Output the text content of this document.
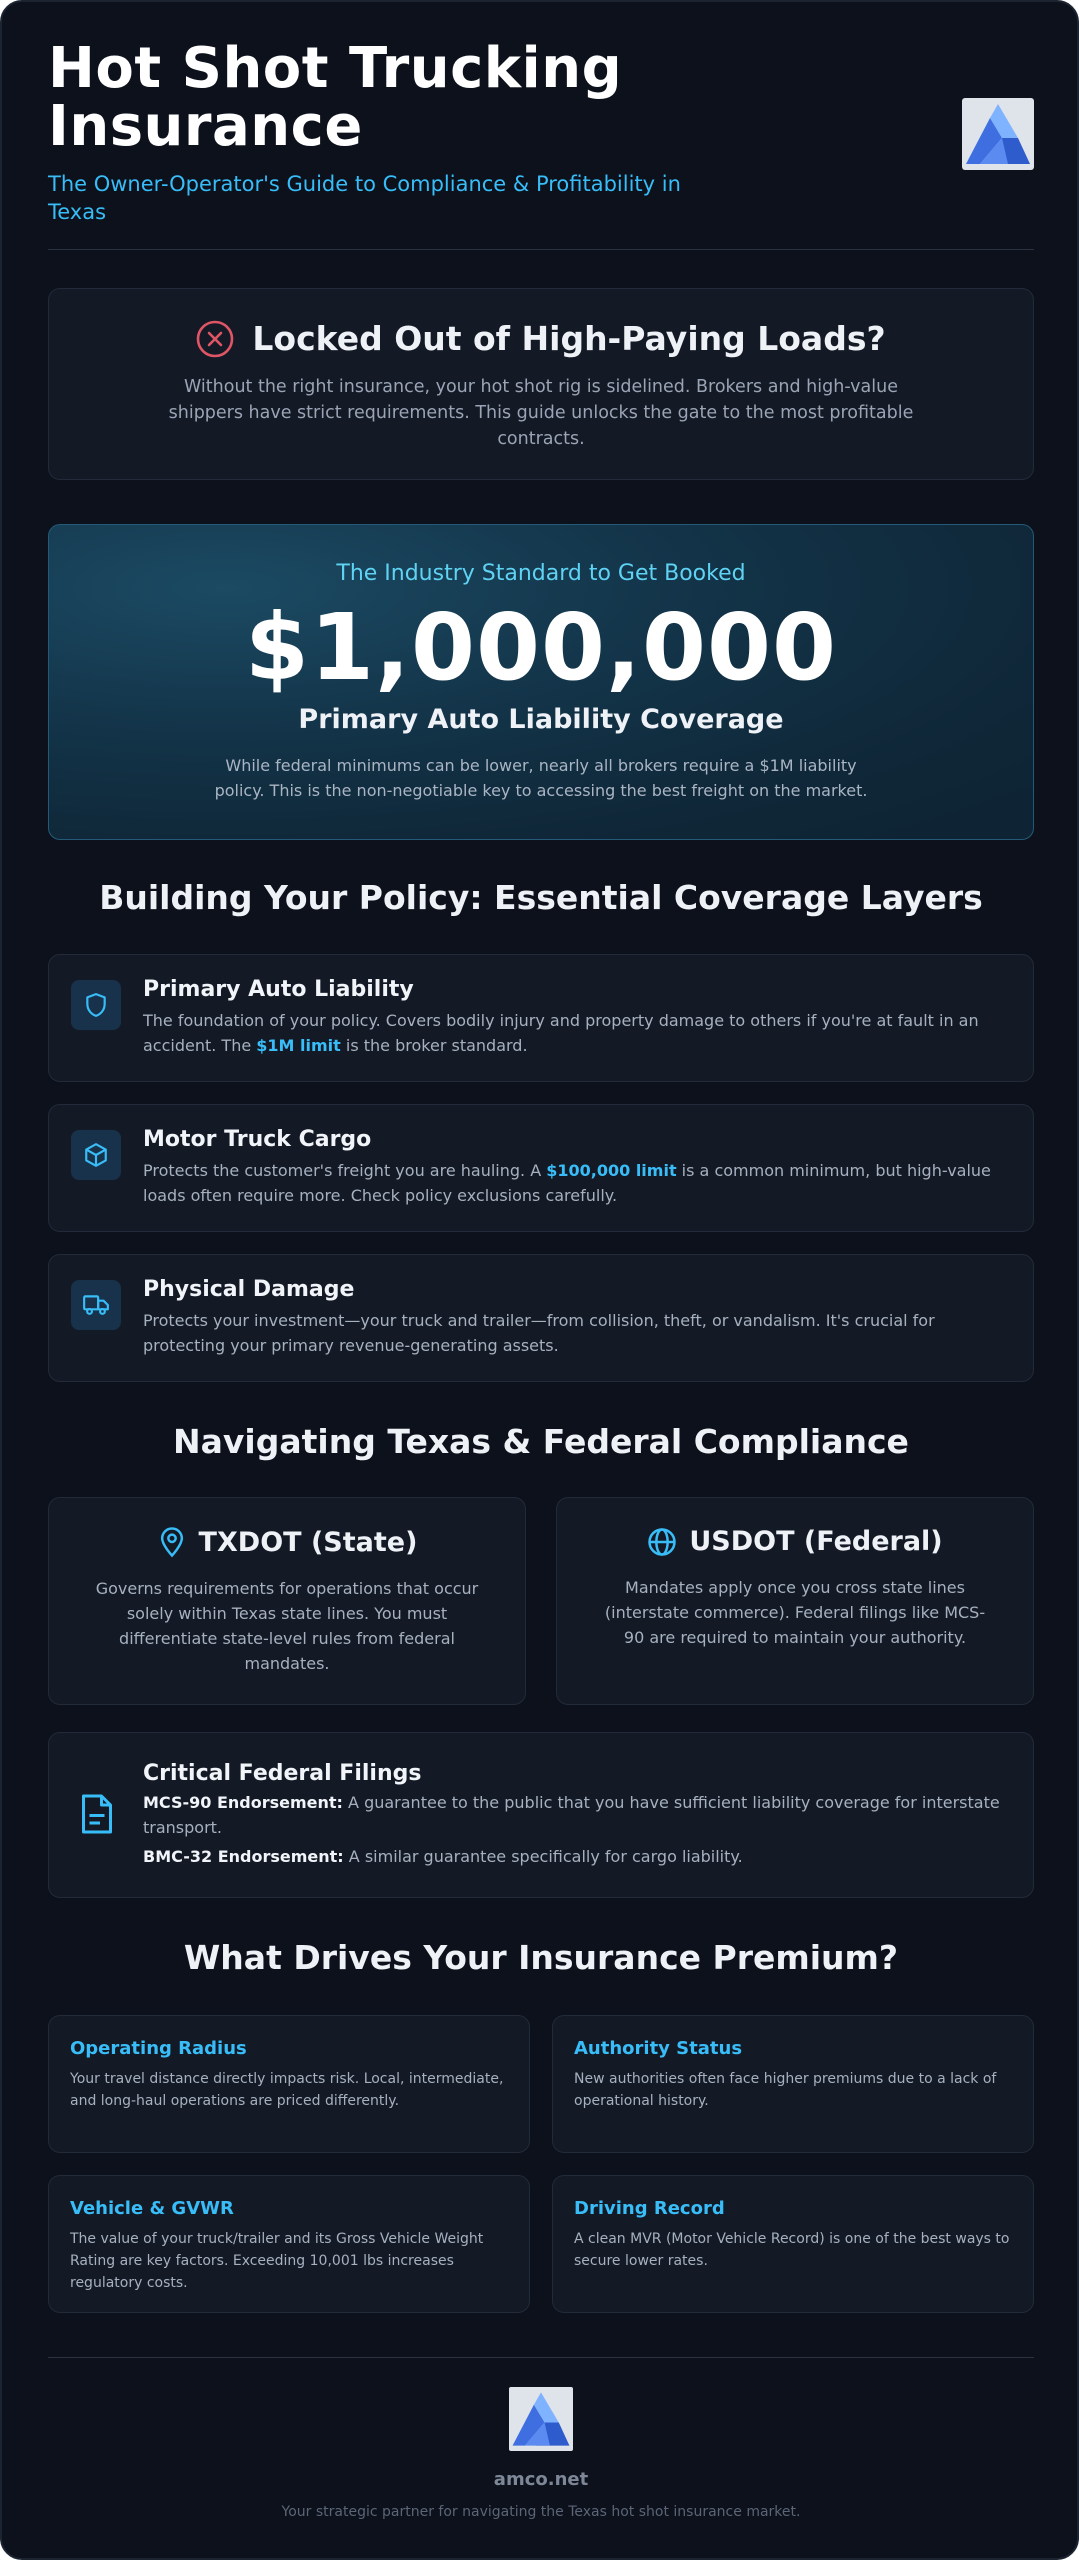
Hot Shot Trucking Insurance
The Owner-Operator's Guide to Compliance & Profitability in Texas
Locked Out of High-Paying Loads?
Without the right insurance, your hot shot rig is sidelined. Brokers and high-value shippers have strict requirements. This guide unlocks the gate to the most profitable contracts.
The Industry Standard to Get Booked
$1,000,000
Primary Auto Liability Coverage
While federal minimums can be lower, nearly all brokers require a $1M liability policy. This is the non-negotiable key to accessing the best freight on the market.
Building Your Policy: Essential Coverage Layers
Primary Auto Liability
The foundation of your policy. Covers bodily injury and property damage to others if you're at fault in an accident. The $1M limit is the broker standard.
Motor Truck Cargo
Protects the customer's freight you are hauling. A $100,000 limit is a common minimum, but high-value loads often require more. Check policy exclusions carefully.
Physical Damage
Protects your investment—your truck and trailer—from collision, theft, or vandalism. It's crucial for protecting your primary revenue-generating assets.
Navigating Texas & Federal Compliance
TXDOT (State)
Governs requirements for operations that occur solely within Texas state lines. You must differentiate state-level rules from federal mandates.
USDOT (Federal)
Mandates apply once you cross state lines (interstate commerce). Federal filings like MCS-90 are required to maintain your authority.
Critical Federal Filings
MCS-90 Endorsement: A guarantee to the public that you have sufficient liability coverage for interstate transport.
BMC-32 Endorsement: A similar guarantee specifically for cargo liability.
What Drives Your Insurance Premium?
Operating Radius
Your travel distance directly impacts risk. Local, intermediate, and long-haul operations are priced differently.
Authority Status
New authorities often face higher premiums due to a lack of operational history.
Vehicle & GVWR
The value of your truck/trailer and its Gross Vehicle Weight Rating are key factors. Exceeding 10,001 lbs increases regulatory costs.
Driving Record
A clean MVR (Motor Vehicle Record) is one of the best ways to secure lower rates.
amco.net
Your strategic partner for navigating the Texas hot shot insurance market.
